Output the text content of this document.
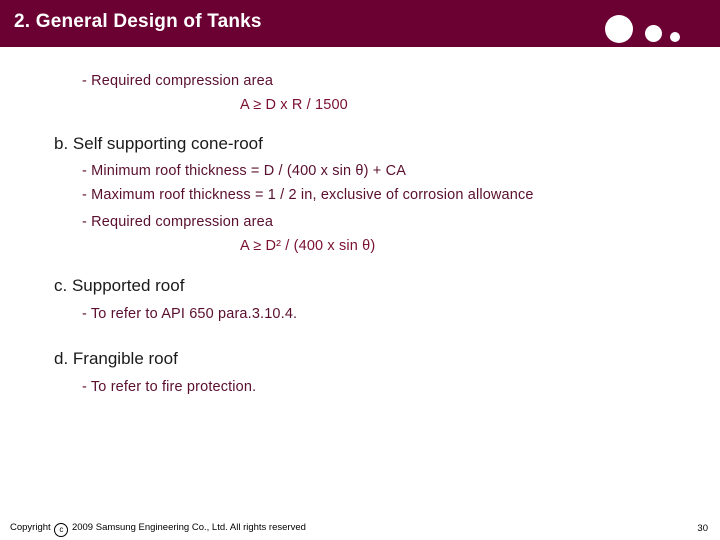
2. General Design of Tanks
- Required compression area
A ≥ D x R / 1500
b. Self supporting cone-roof
- Minimum roof thickness = D / (400 x sin θ) + CA
- Maximum roof thickness = 1 / 2 in, exclusive of corrosion allowance
- Required compression area
A ≥ D² / (400 x sin θ)
c. Supported roof
- To refer to API 650 para.3.10.4.
d. Frangible roof
- To refer to fire protection.
Copyright c 2009 Samsung Engineering Co., Ltd. All rights reserved	30
